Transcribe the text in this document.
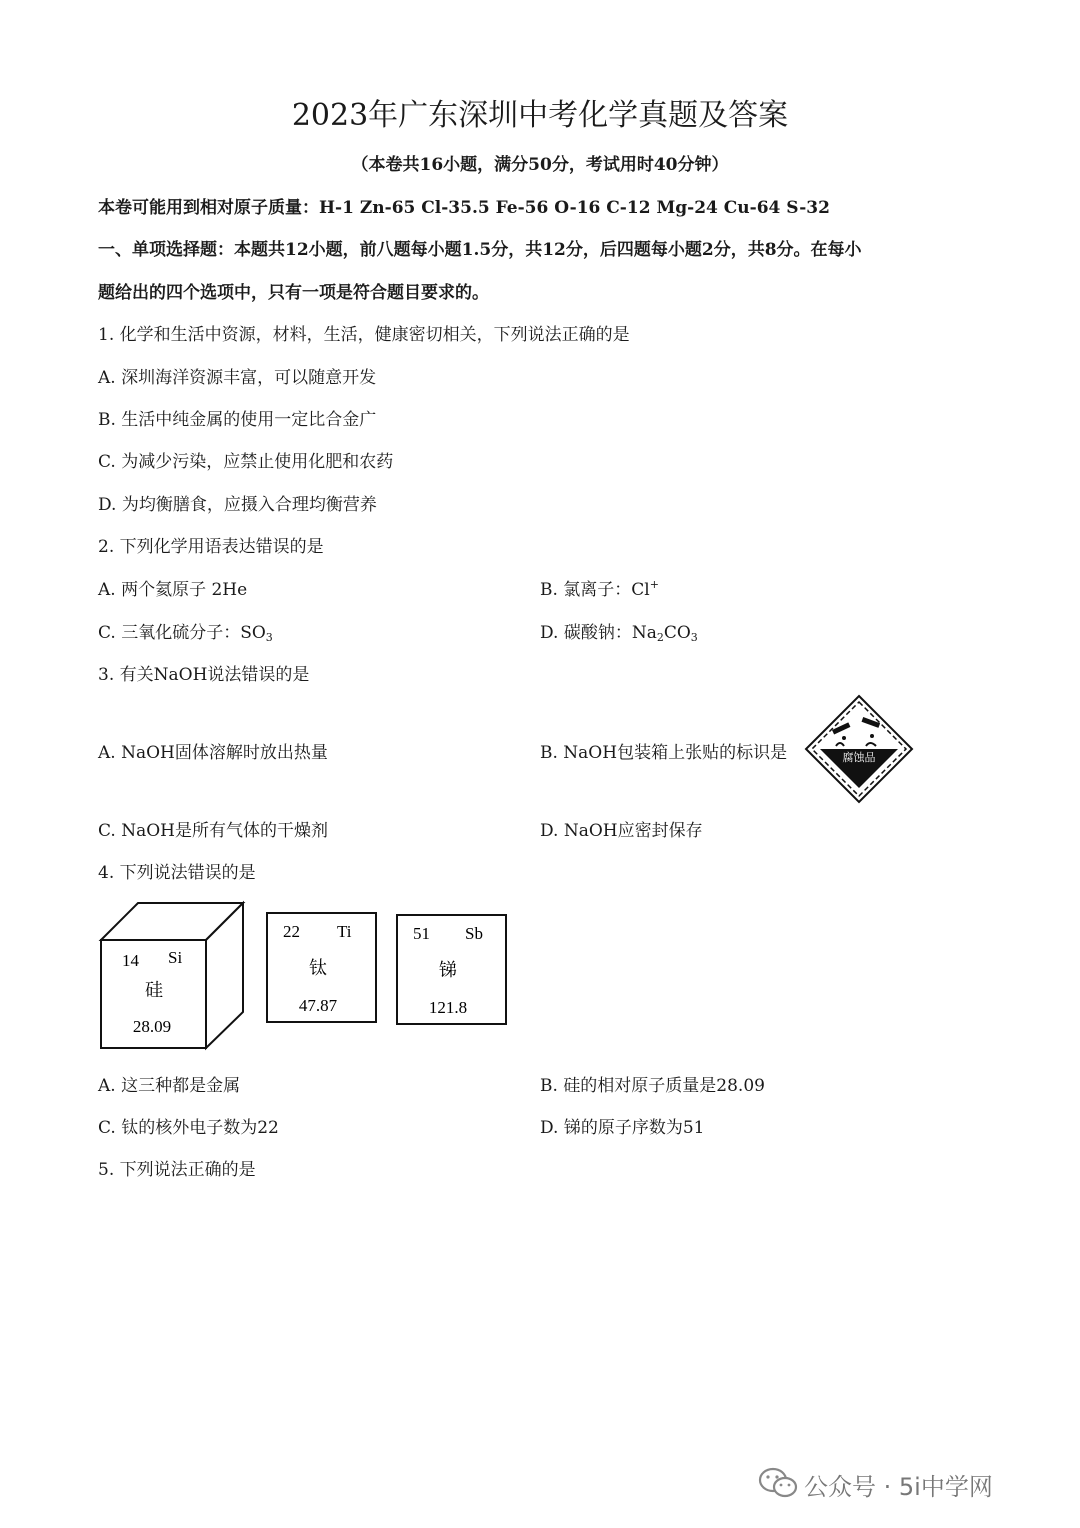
2023年广东深圳中考化学真题及答案
（本卷共16小题，满分50分，考试用时40分钟）
本卷可能用到相对原子质量：H-1 Zn-65 Cl-35.5 Fe-56 O-16 C-12 Mg-24 Cu-64 S-32
一、单项选择题：本题共12小题，前八题每小题1.5分，共12分，后四题每小题2分，共8分。在每小
题给出的四个选项中，只有一项是符合题目要求的。
1. 化学和生活中资源，材料，生活，健康密切相关，下列说法正确的是
A. 深圳海洋资源丰富，可以随意开发
B. 生活中纯金属的使用一定比合金广
C. 为减少污染，应禁止使用化肥和农药
D. 为均衡膳食，应摄入合理均衡营养
2. 下列化学用语表达错误的是
A. 两个氦原子 2He	B. 氯离子：Cl+
C. 三氧化硫分子：$SO_3$	D. 碳酸钠：$Na_2CO_3$
3. 有关NaOH说法错误的是
A. NaOH固体溶解时放出热量	B. NaOH包装箱上张贴的标识是	腐蚀品
C. NaOH是所有气体的干燥剂	D. NaOH应密封保存
4. 下列说法错误的是
14 Si
硅
28.09
22 Ti
钛
47.87
51 Sb
锑
121.8
A. 这三种都是金属	B. 硅的相对原子质量是28.09
C. 钛的核外电子数为22	D. 锑的原子序数为51
5. 下列说法正确的是
公众号 · 5i中学网
